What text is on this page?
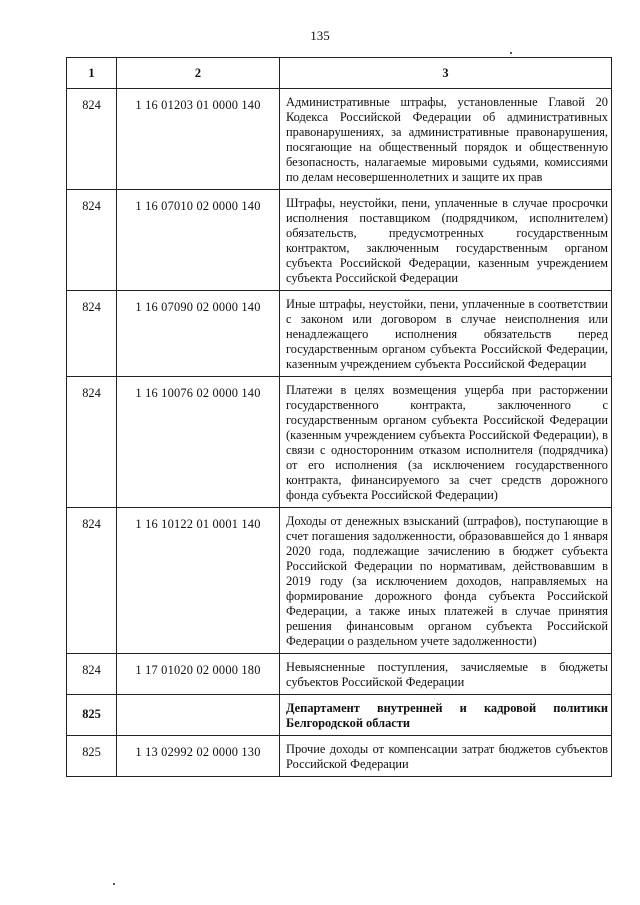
135
1	2	3
824	1 16 01203 01 0000 140	Административные штрафы, установленные Главой 20 Кодекса Российской Федерации об административных правонарушениях, за административные правонарушения, посягающие на общественный порядок и общественную безопасность, налагаемые мировыми судьями, комиссиями по делам несовершеннолетних и защите их прав
824	1 16 07010 02 0000 140	Штрафы, неустойки, пени, уплаченные в случае просрочки исполнения поставщиком (подрядчиком, исполнителем) обязательств, предусмотренных государственным контрактом, заключенным государственным органом субъекта Российской Федерации, казенным учреждением субъекта Российской Федерации
824	1 16 07090 02 0000 140	Иные штрафы, неустойки, пени, уплаченные в соответствии с законом или договором в случае неисполнения или ненадлежащего исполнения обязательств перед государственным органом субъекта Российской Федерации, казенным учреждением субъекта Российской Федерации
824	1 16 10076 02 0000 140	Платежи в целях возмещения ущерба при расторжении государственного контракта, заключенного с государственным органом субъекта Российской Федерации (казенным учреждением субъекта Российской Федерации), в связи с односторонним отказом исполнителя (подрядчика) от его исполнения (за исключением государственного контракта, финансируемого за счет средств дорожного фонда субъекта Российской Федерации)
824	1 16 10122 01 0001 140	Доходы от денежных взысканий (штрафов), поступающие в счет погашения задолженности, образовавшейся до 1 января 2020 года, подлежащие зачислению в бюджет субъекта Российской Федерации по нормативам, действовавшим в 2019 году (за исключением доходов, направляемых на формирование дорожного фонда субъекта Российской Федерации, а также иных платежей в случае принятия решения финансовым органом субъекта Российской Федерации о раздельном учете задолженности)
824	1 17 01020 02 0000 180	Невыясненные поступления, зачисляемые в бюджеты субъектов Российской Федерации
825		Департамент внутренней и кадровой политики Белгородской области
825	1 13 02992 02 0000 130	Прочие доходы от компенсации затрат бюджетов субъектов Российской Федерации
